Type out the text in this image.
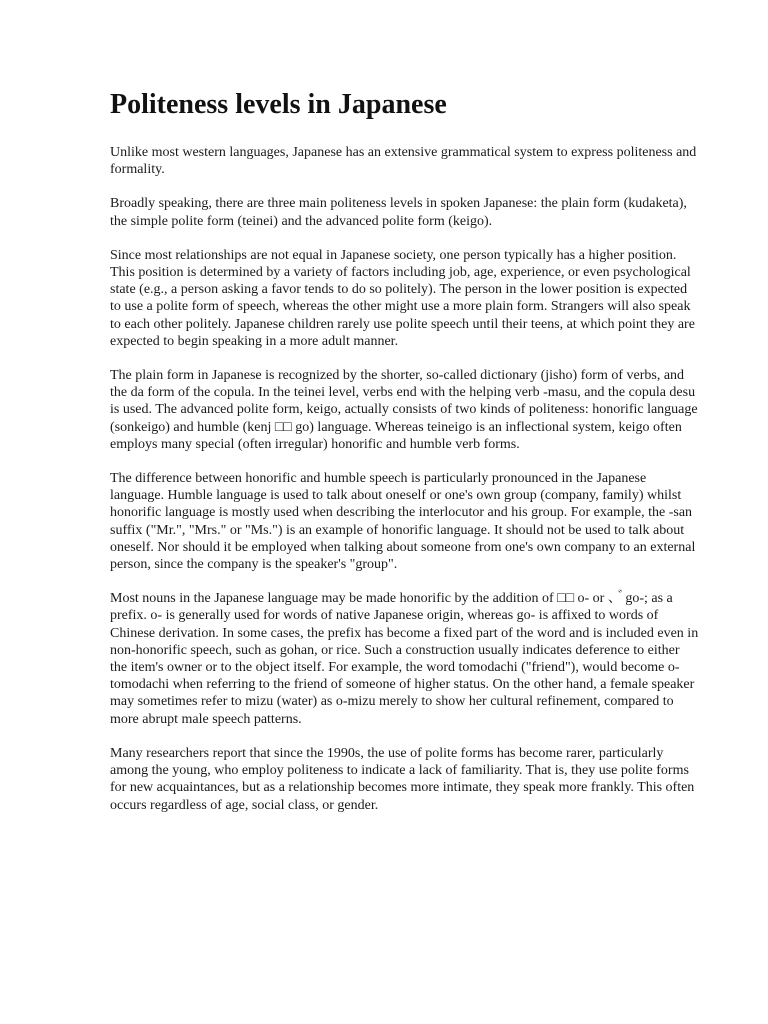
Politeness levels in Japanese

Unlike most western languages, Japanese has an extensive grammatical system to express politeness and formality.

Broadly speaking, there are three main politeness levels in spoken Japanese: the plain form (kudaketa), the simple polite form (teinei) and the advanced polite form (keigo).

Since most relationships are not equal in Japanese society, one person typically has a higher position. This position is determined by a variety of factors including job, age, experience, or even psychological state (e.g., a person asking a favor tends to do so politely). The person in the lower position is expected to use a polite form of speech, whereas the other might use a more plain form. Strangers will also speak to each other politely. Japanese children rarely use polite speech until their teens, at which point they are expected to begin speaking in a more adult manner.

The plain form in Japanese is recognized by the shorter, so-called dictionary (jisho) form of verbs, and the da form of the copula. In the teinei level, verbs end with the helping verb -masu, and the copula desu is used. The advanced polite form, keigo, actually consists of two kinds of politeness: honorific language (sonkeigo) and humble (kenj □□ go) language. Whereas teineigo is an inflectional system, keigo often employs many special (often irregular) honorific and humble verb forms.

The difference between honorific and humble speech is particularly pronounced in the Japanese language. Humble language is used to talk about oneself or one's own group (company, family) whilst honorific language is mostly used when describing the interlocutor and his group. For example, the -san suffix ("Mr.", "Mrs." or "Ms.") is an example of honorific language. It should not be used to talk about oneself. Nor should it be employed when talking about someone from one's own company to an external person, since the company is the speaker's "group".

Most nouns in the Japanese language may be made honorific by the addition of □□ o- or 、゙ go-; as a prefix. o- is generally used for words of native Japanese origin, whereas go- is affixed to words of Chinese derivation. In some cases, the prefix has become a fixed part of the word and is included even in non-honorific speech, such as gohan, or rice. Such a construction usually indicates deference to either the item's owner or to the object itself. For example, the word tomodachi ("friend"), would become o-tomodachi when referring to the friend of someone of higher status. On the other hand, a female speaker may sometimes refer to mizu (water) as o-mizu merely to show her cultural refinement, compared to more abrupt male speech patterns.

Many researchers report that since the 1990s, the use of polite forms has become rarer, particularly among the young, who employ politeness to indicate a lack of familiarity. That is, they use polite forms for new acquaintances, but as a relationship becomes more intimate, they speak more frankly. This often occurs regardless of age, social class, or gender.
